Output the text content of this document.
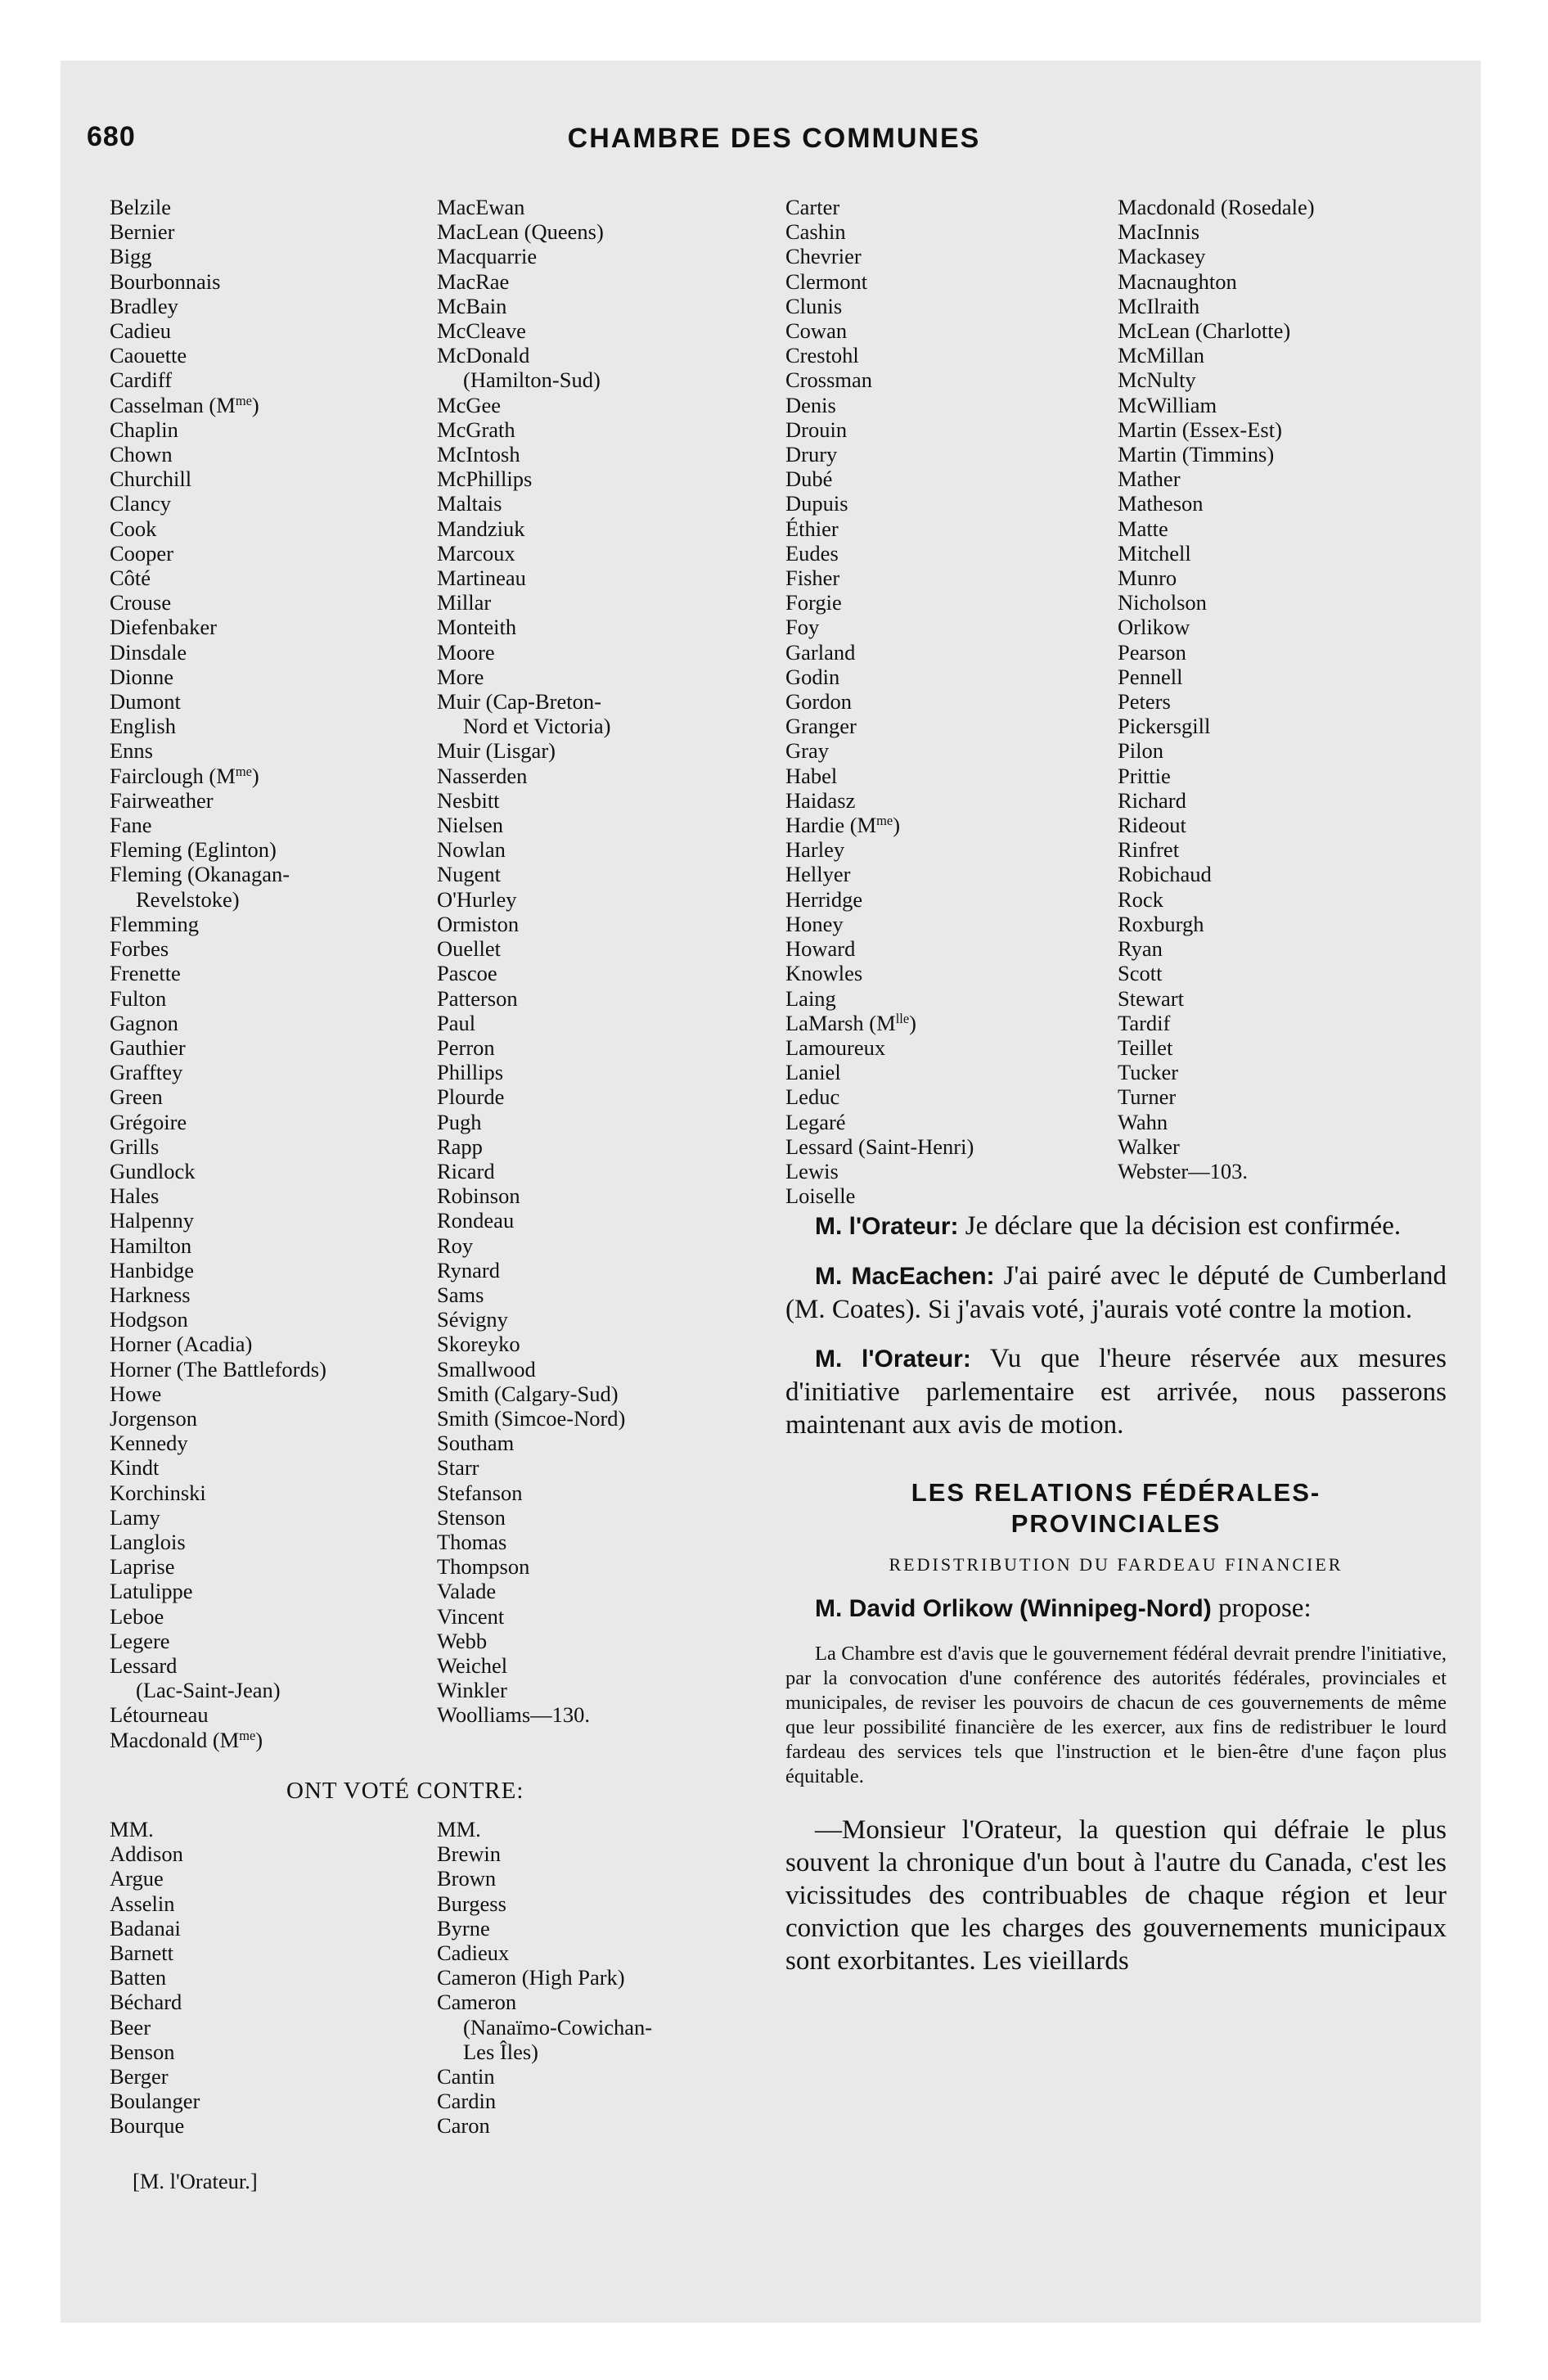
680	CHAMBRE DES COMMUNES
Belzile
Bernier
Bigg
Bourbonnais
Bradley
Cadieu
Caouette
Cardiff
Casselman $(M^{me})$
Chaplin
Chown
Churchill
Clancy
Cook
Cooper
Côté
Crouse
Diefenbaker
Dinsdale
Dionne
Dumont
English
Enns
Fairclough $(M^{me})$
Fairweather
Fane
Fleming (Eglinton)
Fleming (Okanagan-
Revelstoke)
Flemming
Forbes
Frenette
Fulton
Gagnon
Gauthier
Grafftey
Green
Grégoire
Grills
Gundlock
Hales
Halpenny
Hamilton
Hanbidge
Harkness
Hodgson
Horner (Acadia)
Horner (The Battlefords)
Howe
Jorgenson
Kennedy
Kindt
Korchinski
Lamy
Langlois
Laprise
Latulippe
Leboe
Legere
Lessard
(Lac-Saint-Jean)
Létourneau
Macdonald $(M^{me})$
MacEwan
MacLean (Queens)
Macquarrie
MacRae
McBain
McCleave
McDonald
(Hamilton-Sud)
McGee
McGrath
McIntosh
McPhillips
Maltais
Mandziuk
Marcoux
Martineau
Millar
Monteith
Moore
More
Muir (Cap-Breton-
Nord et Victoria)
Muir (Lisgar)
Nasserden
Nesbitt
Nielsen
Nowlan
Nugent
O'Hurley
Ormiston
Ouellet
Pascoe
Patterson
Paul
Perron
Phillips
Plourde
Pugh
Rapp
Ricard
Robinson
Rondeau
Roy
Rynard
Sams
Sévigny
Skoreyko
Smallwood
Smith (Calgary-Sud)
Smith (Simcoe-Nord)
Southam
Starr
Stefanson
Stenson
Thomas
Thompson
Valade
Vincent
Webb
Weichel
Winkler
Woolliams—130.
Carter
Cashin
Chevrier
Clermont
Clunis
Cowan
Crestohl
Crossman
Denis
Drouin
Drury
Dubé
Dupuis
Éthier
Eudes
Fisher
Forgie
Foy
Garland
Godin
Gordon
Granger
Gray
Habel
Haidasz
Hardie $(M^{me})$
Harley
Hellyer
Herridge
Honey
Howard
Knowles
Laing
LaMarsh $(M^{lle})$
Lamoureux
Laniel
Leduc
Legaré
Lessard (Saint-Henri)
Lewis
Loiselle
Macdonald (Rosedale)
MacInnis
Mackasey
Macnaughton
McIlraith
McLean (Charlotte)
McMillan
McNulty
McWilliam
Martin (Essex-Est)
Martin (Timmins)
Mather
Matheson
Matte
Mitchell
Munro
Nicholson
Orlikow
Pearson
Pennell
Peters
Pickersgill
Pilon
Prittie
Richard
Rideout
Rinfret
Robichaud
Rock
Roxburgh
Ryan
Scott
Stewart
Tardif
Teillet
Tucker
Turner
Wahn
Walker
Webster—103.
ONT VOTÉ CONTRE:
MM.
Addison
Argue
Asselin
Badanai
Barnett
Batten
Béchard
Beer
Benson
Berger
Boulanger
Bourque
MM.
Brewin
Brown
Burgess
Byrne
Cadieux
Cameron (High Park)
Cameron
(Nanaïmo-Cowichan-
Les Îles)
Cantin
Cardin
Caron
[M. l'Orateur.]

M. l'Orateur: Je déclare que la décision est confirmée.

M. MacEachen: J'ai pairé avec le député de Cumberland (M. Coates). Si j'avais voté, j'aurais voté contre la motion.

M. l'Orateur: Vu que l'heure réservée aux mesures d'initiative parlementaire est arrivée, nous passerons maintenant aux avis de motion.

LES RELATIONS FÉDÉRALES-
PROVINCIALES
REDISTRIBUTION DU FARDEAU FINANCIER

M. David Orlikow (Winnipeg-Nord) propose:

La Chambre est d'avis que le gouvernement fédéral devrait prendre l'initiative, par la convocation d'une conférence des autorités fédérales, provinciales et municipales, de reviser les pouvoirs de chacun de ces gouvernements de même que leur possibilité financière de les exercer, aux fins de redistribuer le lourd fardeau des services tels que l'instruction et le bien-être d'une façon plus équitable.

—Monsieur l'Orateur, la question qui défraie le plus souvent la chronique d'un bout à l'autre du Canada, c'est les vicissitudes des contribuables de chaque région et leur conviction que les charges des gouvernements municipaux sont exorbitantes. Les vieillards
